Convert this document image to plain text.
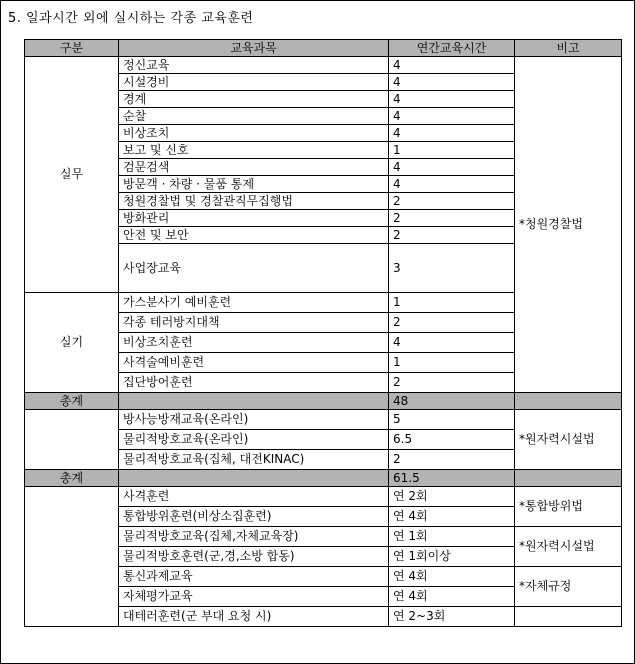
5. 일과시간 외에 실시하는 각종 교육훈련
구분	교육과목	연간교육시간	비고
실무	정신교육	4	*청원경찰법
	시설경비	4	
	경계	4	
	순찰	4	
	비상조치	4	
	보고 및 신호	1	
	검문검색	4	
	방문객 · 차량 · 물품 통제	4	
	청원경찰법 및 경찰관직무집행법	2	
	방화관리	2	
	안전 및 보안	2	
	사업장교육	3	
실기	가스분사기 예비훈련	1	
	각종 테러방지대책	2	
	비상조치훈련	4	
	사격술예비훈련	1	
	집단방어훈련	2	
총계		48	
	방사능방재교육(온라인)	5	*원자력시설법
	물리적방호교육(온라인)	6.5	
	물리적방호교육(집체, 대전KINAC)	2	
총계		61.5	
	사격훈련	연 2회	*통합방위법
	통합방위훈련(비상소집훈련)	연 4회	
	물리적방호교육(집체,자체교육장)	연 1회	*원자력시설법
	물리적방호훈련(군,경,소방 합동)	연 1회이상	
	통신과제교육	연 4회	*자체규정
	자체평가교육	연 4회	
	대테러훈련(군 부대 요청 시)	연 2~3회	
